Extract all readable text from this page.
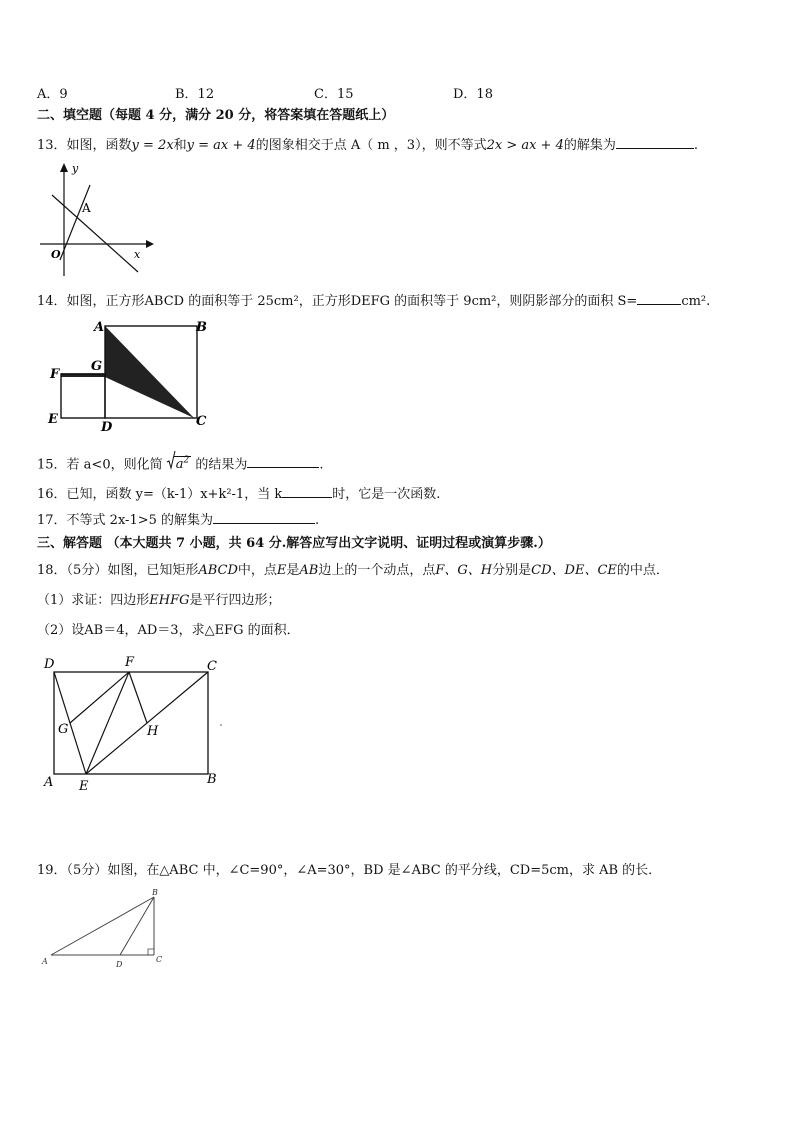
A．9	B．12	C．15	D．18
二、填空题（每题 4 分，满分 20 分，将答案填在答题纸上）
13．如图，函数y = 2x和y = ax + 4的图象相交于点 A（ m ，3），则不等式2x > ax + 4的解集为	.
y
x
O
A
14．如图，正方形ABCD 的面积等于 25cm²，正方形DEFG 的面积等于 9cm²，则阴影部分的面积 S=	cm².
A	B
C
D
E
F
G
15．若 a<0，则化简 $a^2$ 的结果为	.
16．已知，函数 y=（k-1）x+k²-1，当 k	时，它是一次函数.
17．不等式 2x-1>5 的解集为	.
三、解答题 （本大题共 7 小题，共 64 分.解答应写出文字说明、证明过程或演算步骤.）
18．（5分）如图，已知矩形ABCD中，点E是AB边上的一个动点，点F、G、H分别是CD、DE、CE的中点．
（1）求证：四边形EHFG是平行四边形；
（2）设AB＝4，AD＝3，求△EFG 的面积．
D	F	C
G	H
A E	B
19．（5分）如图，在△ABC 中，∠C=90°，∠A=30°，BD 是∠ABC 的平分线，CD=5cm，求 AB 的长．
A
B
C
D
